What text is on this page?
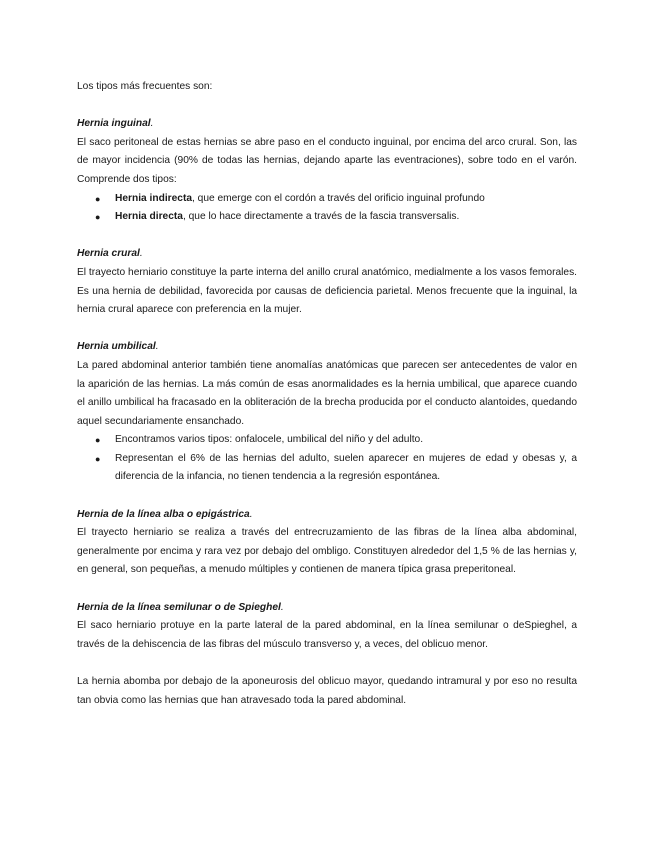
Los tipos más frecuentes son:

Hernia inguinal.

El saco peritoneal de estas hernias se abre paso en el conducto inguinal, por encima del arco crural. Son, las de mayor incidencia (90% de todas las hernias, dejando aparte las eventraciones), sobre todo en el varón. Comprende dos tipos:

● Hernia indirecta, que emerge con el cordón a través del orificio inguinal profundo
● Hernia directa, que lo hace directamente a través de la fascia transversalis.

Hernia crural.

El trayecto herniario constituye la parte interna del anillo crural anatómico, medialmente a los vasos femorales. Es una hernia de debilidad, favorecida por causas de deficiencia parietal. Menos frecuente que la inguinal, la hernia crural aparece con preferencia en la mujer.

Hernia umbilical.

La pared abdominal anterior también tiene anomalías anatómicas que parecen ser antecedentes de valor en la aparición de las hernias. La más común de esas anormalidades es la hernia umbilical, que aparece cuando el anillo umbilical ha fracasado en la obliteración de la brecha producida por el conducto alantoides, quedando aquel secundariamente ensanchado.

● Encontramos varios tipos: onfalocele, umbilical del niño y del adulto.
● Representan el 6% de las hernias del adulto, suelen aparecer en mujeres de edad y obesas y, a diferencia de la infancia, no tienen tendencia a la regresión espontánea.

Hernia de la línea alba o epigástrica.

El trayecto herniario se realiza a través del entrecruzamiento de las fibras de la línea alba abdominal, generalmente por encima y rara vez por debajo del ombligo. Constituyen alrededor del 1,5 % de las hernias y, en general, son pequeñas, a menudo múltiples y contienen de manera típica grasa preperitoneal.

Hernia de la línea semilunar o de Spieghel.

El saco herniario protuye en la parte lateral de la pared abdominal, en la línea semilunar o deSpieghel, a través de la dehiscencia de las fibras del músculo transverso y, a veces, del oblicuo menor.

La hernia abomba por debajo de la aponeurosis del oblicuo mayor, quedando intramural y por eso no resulta tan obvia como las hernias que han atravesado toda la pared abdominal.
